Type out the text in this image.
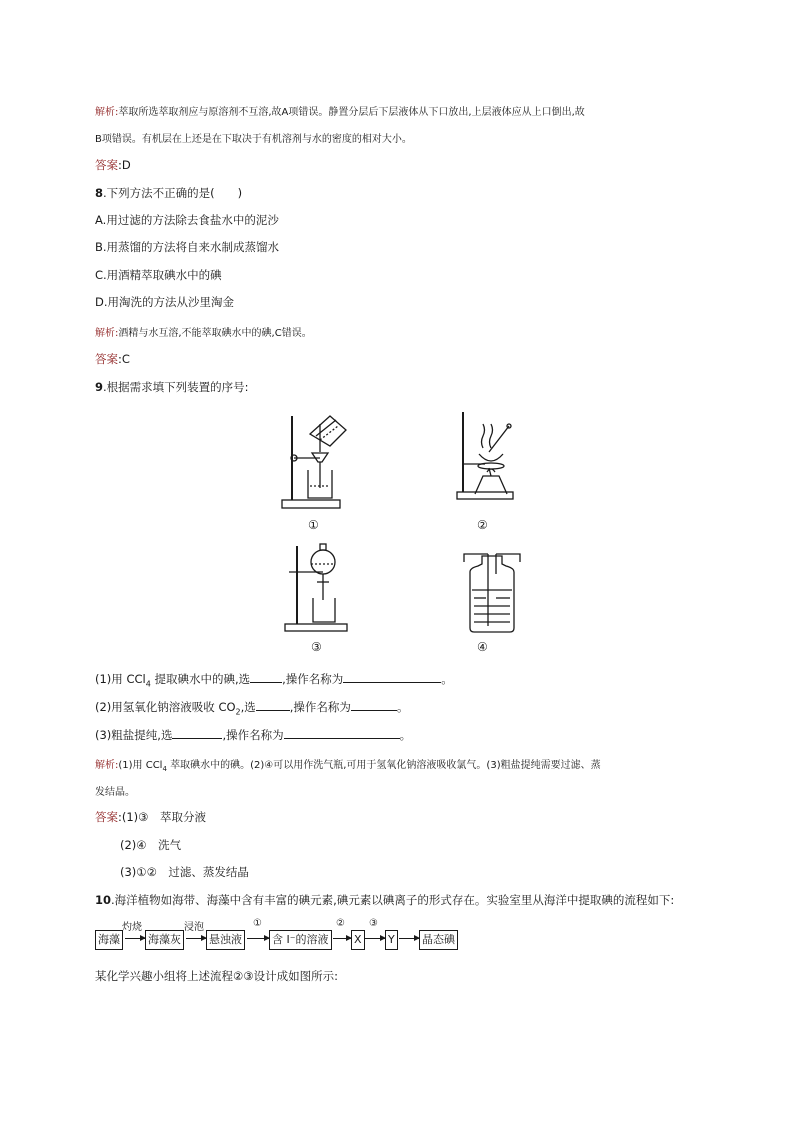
解析:萃取所选萃取剂应与原溶剂不互溶,故A项错误。静置分层后下层液体从下口放出,上层液体应从上口倒出,故
B项错误。有机层在上还是在下取决于有机溶剂与水的密度的相对大小。
答案:D
8.下列方法不正确的是(　　)
A.用过滤的方法除去食盐水中的泥沙
B.用蒸馏的方法将自来水制成蒸馏水
C.用酒精萃取碘水中的碘
D.用淘洗的方法从沙里淘金
解析:酒精与水互溶,不能萃取碘水中的碘,C错误。
答案:C
9.根据需求填下列装置的序号:
①	②
③	④
(1)用 CCl$_4$ 提取碘水中的碘,选	,操作名称为	。
(2)用氢氧化钠溶液吸收 $CO_2$,选	,操作名称为	。
(3)粗盐提纯,选	,操作名称为	。
解析:(1)用 CCl$_4$ 萃取碘水中的碘。(2)④可以用作洗气瓶,可用于氢氧化钠溶液吸收氯气。(3)粗盐提纯需要过滤、蒸
发结晶。
答案:(1)③　萃取分液
(2)④　洗气
(3)①②　过滤、蒸发结晶
10.海洋植物如海带、海藻中含有丰富的碘元素,碘元素以碘离子的形式存在。实验室里从海洋中提取碘的流程如下:
海藻
灼烧
海藻灰
浸泡
悬浊液
①
含 I⁻的溶液
②
X
③
Y 晶态碘
某化学兴趣小组将上述流程②③设计成如图所示:
